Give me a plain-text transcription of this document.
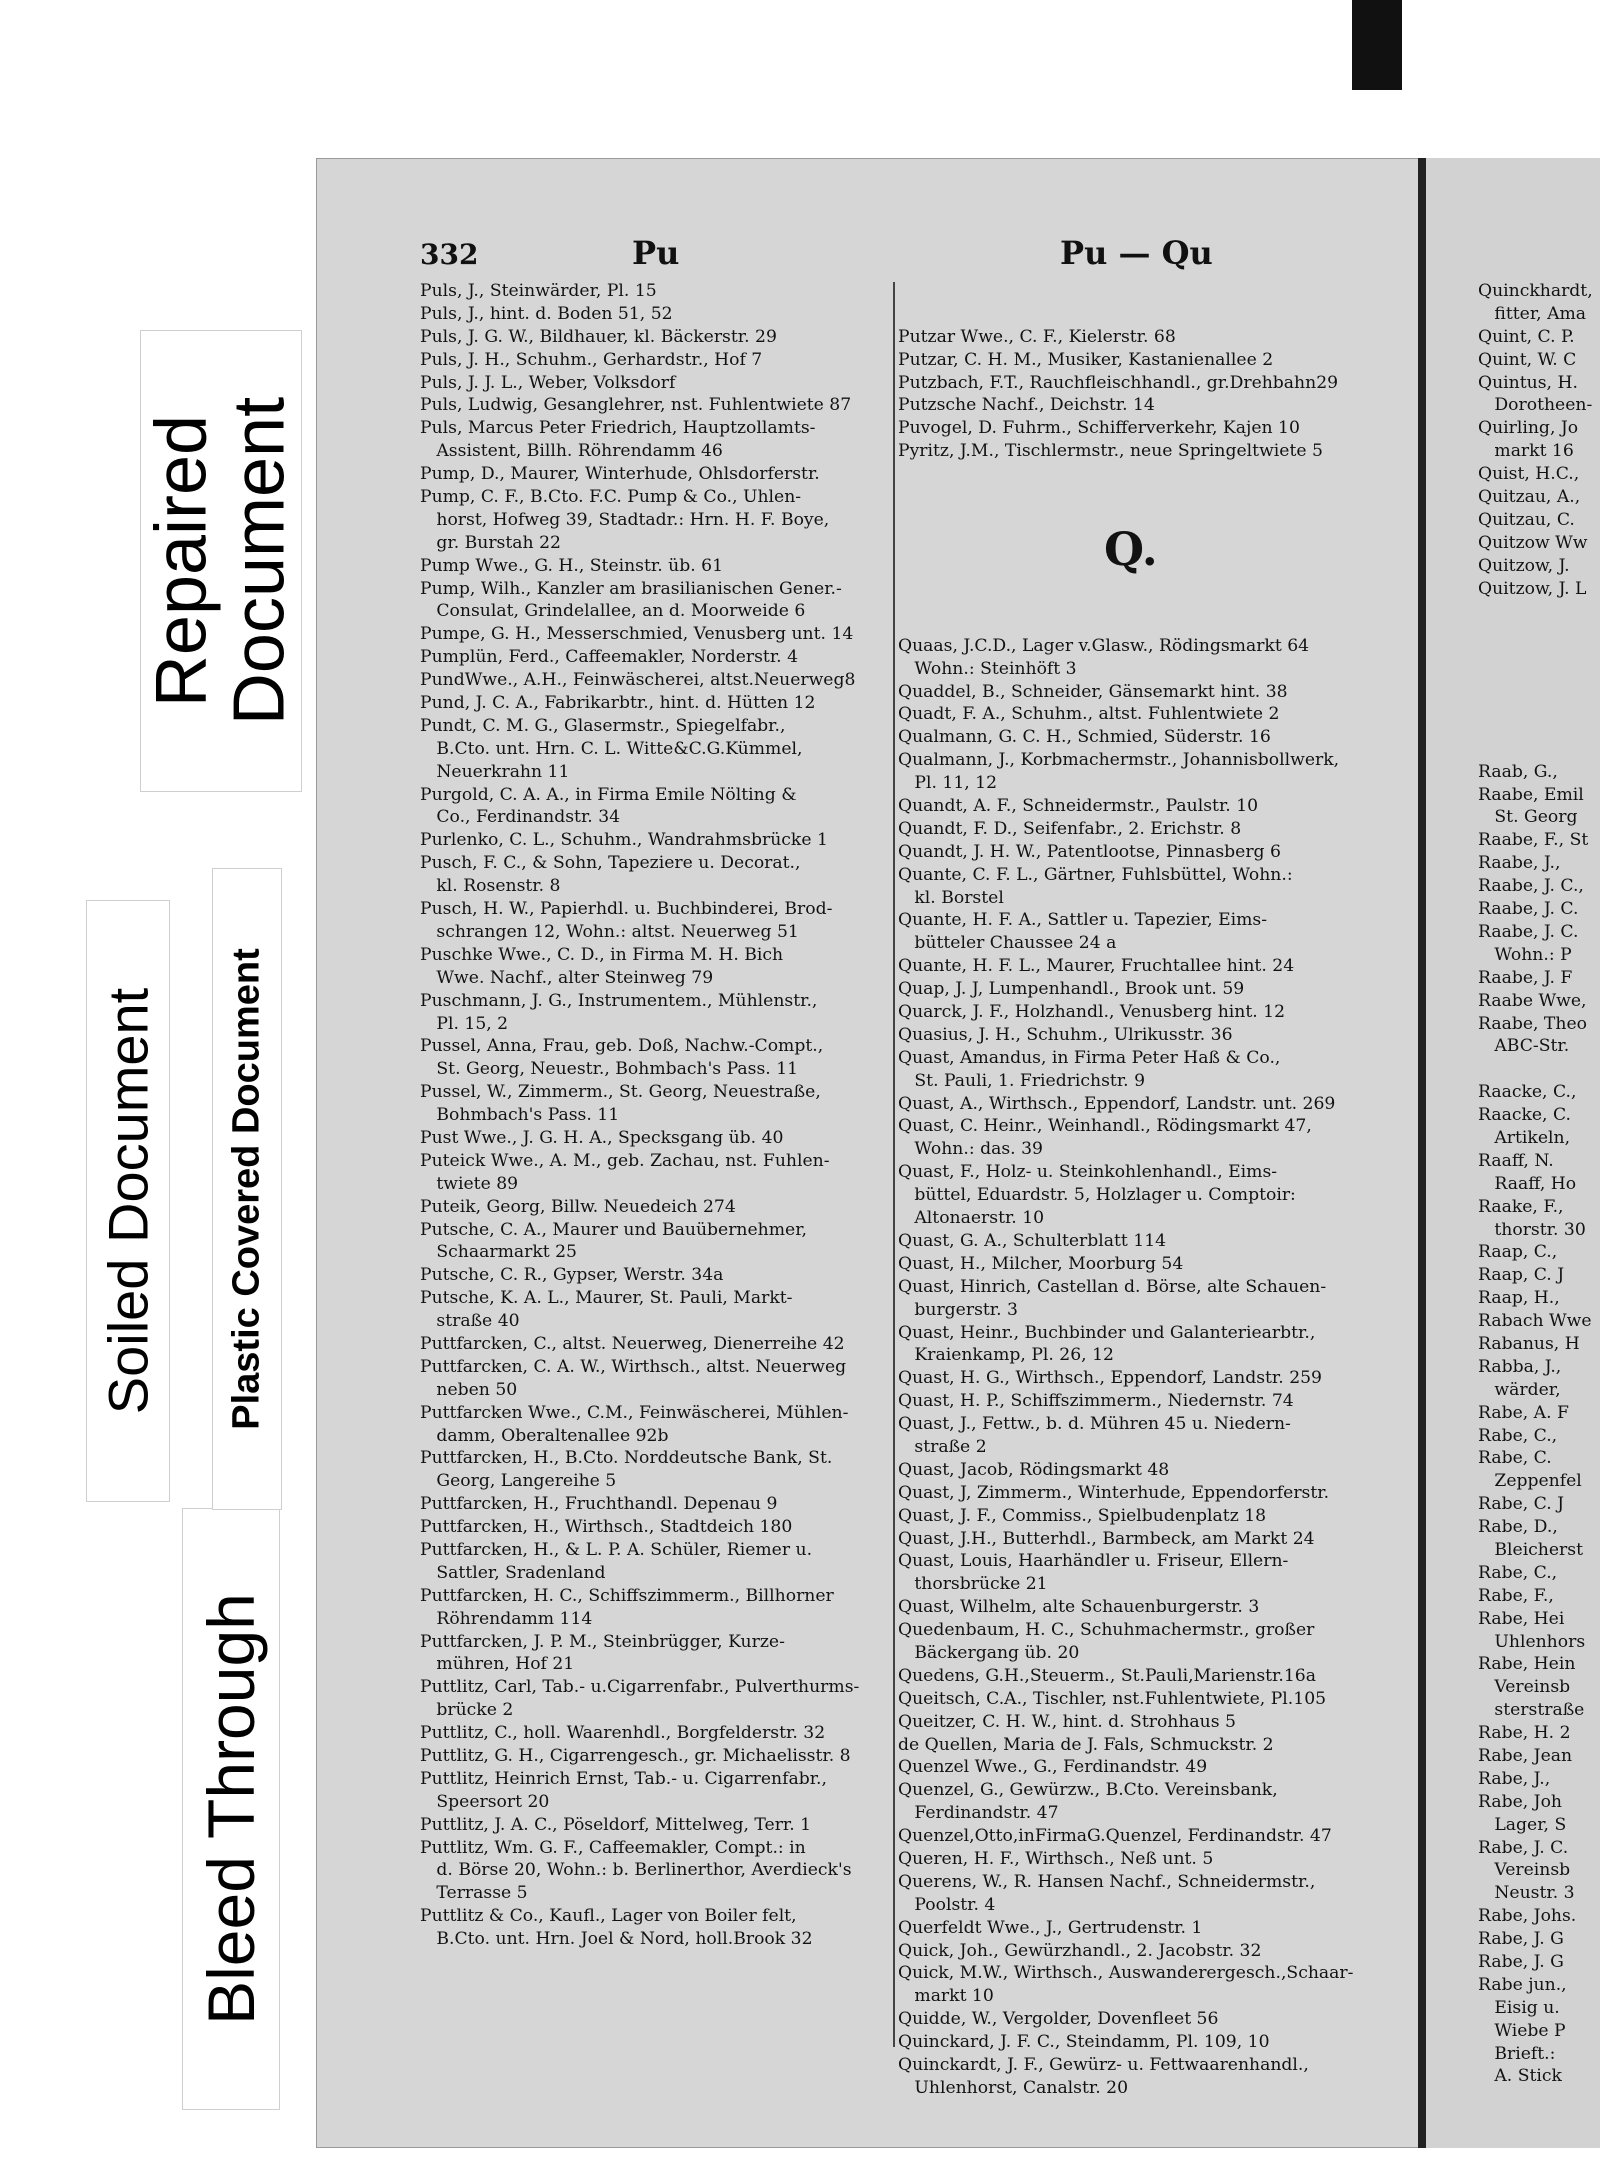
Bleed Through
Soiled Document Plastic Covered Document
Repaired
Document
332	Pu	Pu — Qu
Puls, J., Steinwärder, Pl. 15
Puls, J., hint. d. Boden 51, 52
Puls, J. G. W., Bildhauer, kl. Bäckerstr. 29
Puls, J. H., Schuhm., Gerhardstr., Hof 7
Puls, J. J. L., Weber, Volksdorf
Puls, Ludwig, Gesanglehrer, nst. Fuhlentwiete 87
Puls, Marcus Peter Friedrich, Hauptzollamts-
Assistent, Billh. Röhrendamm 46
Pump, D., Maurer, Winterhude, Ohlsdorferstr.
Pump, C. F., B.Cto. F.C. Pump & Co., Uhlen-
horst, Hofweg 39, Stadtadr.: Hrn. H. F. Boye,
gr. Burstah 22
Pump Wwe., G. H., Steinstr. üb. 61
Pump, Wilh., Kanzler am brasilianischen Gener.-
Consulat, Grindelallee, an d. Moorweide 6
Pumpe, G. H., Messerschmied, Venusberg unt. 14
Pumplün, Ferd., Caffeemakler, Norderstr. 4
PundWwe., A.H., Feinwäscherei, altst.Neuerweg8
Pund, J. C. A., Fabrikarbtr., hint. d. Hütten 12
Pundt, C. M. G., Glasermstr., Spiegelfabr.,
B.Cto. unt. Hrn. C. L. Witte&C.G.Kümmel,
Neuerkrahn 11
Purgold, C. A. A., in Firma Emile Nölting &
Co., Ferdinandstr. 34
Purlenko, C. L., Schuhm., Wandrahmsbrücke 1
Pusch, F. C., & Sohn, Tapeziere u. Decorat.,
kl. Rosenstr. 8
Pusch, H. W., Papierhdl. u. Buchbinderei, Brod-
schrangen 12, Wohn.: altst. Neuerweg 51
Puschke Wwe., C. D., in Firma M. H. Bich
Wwe. Nachf., alter Steinweg 79
Puschmann, J. G., Instrumentem., Mühlenstr.,
Pl. 15, 2
Pussel, Anna, Frau, geb. Doß, Nachw.-Compt.,
St. Georg, Neuestr., Bohmbach's Pass. 11
Pussel, W., Zimmerm., St. Georg, Neuestraße,
Bohmbach's Pass. 11
Pust Wwe., J. G. H. A., Specksgang üb. 40
Puteick Wwe., A. M., geb. Zachau, nst. Fuhlen-
twiete 89
Puteik, Georg, Billw. Neuedeich 274
Putsche, C. A., Maurer und Bauübernehmer,
Schaarmarkt 25
Putsche, C. R., Gypser, Werstr. 34a
Putsche, K. A. L., Maurer, St. Pauli, Markt-
straße 40
Puttfarcken, C., altst. Neuerweg, Dienerreihe 42
Puttfarcken, C. A. W., Wirthsch., altst. Neuerweg
neben 50
Puttfarcken Wwe., C.M., Feinwäscherei, Mühlen-
damm, Oberaltenallee 92b
Puttfarcken, H., B.Cto. Norddeutsche Bank, St.
Georg, Langereihe 5
Puttfarcken, H., Fruchthandl. Depenau 9
Puttfarcken, H., Wirthsch., Stadtdeich 180
Puttfarcken, H., & L. P. A. Schüler, Riemer u.
Sattler, Sradenland
Puttfarcken, H. C., Schiffszimmerm., Billhorner
Röhrendamm 114
Puttfarcken, J. P. M., Steinbrügger, Kurze-
mühren, Hof 21
Puttlitz, Carl, Tab.- u.Cigarrenfabr., Pulverthurms-
brücke 2
Puttlitz, C., holl. Waarenhdl., Borgfelderstr. 32
Puttlitz, G. H., Cigarrengesch., gr. Michaelisstr. 8
Puttlitz, Heinrich Ernst, Tab.- u. Cigarrenfabr.,
Speersort 20
Puttlitz, J. A. C., Pöseldorf, Mittelweg, Terr. 1
Puttlitz, Wm. G. F., Caffeemakler, Compt.: in
d. Börse 20, Wohn.: b. Berlinerthor, Averdieck's
Terrasse 5
Puttlitz & Co., Kaufl., Lager von Boiler felt,
B.Cto. unt. Hrn. Joel & Nord, holl.Brook 32

Putzar Wwe., C. F., Kielerstr. 68
Putzar, C. H. M., Musiker, Kastanienallee 2
Putzbach, F.T., Rauchfleischhandl., gr.Drehbahn29
Putzsche Nachf., Deichstr. 14
Puvogel, D. Fuhrm., Schifferverkehr, Kajen 10
Pyritz, J.M., Tischlermstr., neue Springeltwiete 5

Q.

Quaas, J.C.D., Lager v.Glasw., Rödingsmarkt 64
Wohn.: Steinhöft 3
Quaddel, B., Schneider, Gänsemarkt hint. 38
Quadt, F. A., Schuhm., altst. Fuhlentwiete 2
Qualmann, G. C. H., Schmied, Süderstr. 16
Qualmann, J., Korbmachermstr., Johannisbollwerk,
Pl. 11, 12
Quandt, A. F., Schneidermstr., Paulstr. 10
Quandt, F. D., Seifenfabr., 2. Erichstr. 8
Quandt, J. H. W., Patentlootse, Pinnasberg 6
Quante, C. F. L., Gärtner, Fuhlsbüttel, Wohn.:
kl. Borstel
Quante, H. F. A., Sattler u. Tapezier, Eims-
bütteler Chaussee 24 a
Quante, H. F. L., Maurer, Fruchtallee hint. 24
Quap, J. J, Lumpenhandl., Brook unt. 59
Quarck, J. F., Holzhandl., Venusberg hint. 12
Quasius, J. H., Schuhm., Ulrikusstr. 36
Quast, Amandus, in Firma Peter Haß & Co.,
St. Pauli, 1. Friedrichstr. 9
Quast, A., Wirthsch., Eppendorf, Landstr. unt. 269
Quast, C. Heinr., Weinhandl., Rödingsmarkt 47,
Wohn.: das. 39
Quast, F., Holz- u. Steinkohlenhandl., Eims-
büttel, Eduardstr. 5, Holzlager u. Comptoir:
Altonaerstr. 10
Quast, G. A., Schulterblatt 114
Quast, H., Milcher, Moorburg 54
Quast, Hinrich, Castellan d. Börse, alte Schauen-
burgerstr. 3
Quast, Heinr., Buchbinder und Galanteriearbtr.,
Kraienkamp, Pl. 26, 12
Quast, H. G., Wirthsch., Eppendorf, Landstr. 259
Quast, H. P., Schiffszimmerm., Niedernstr. 74
Quast, J., Fettw., b. d. Mühren 45 u. Niedern-
straße 2
Quast, Jacob, Rödingsmarkt 48
Quast, J, Zimmerm., Winterhude, Eppendorferstr.
Quast, J. F., Commiss., Spielbudenplatz 18
Quast, J.H., Butterhdl., Barmbeck, am Markt 24
Quast, Louis, Haarhändler u. Friseur, Ellern-
thorsbrücke 21
Quast, Wilhelm, alte Schauenburgerstr. 3
Quedenbaum, H. C., Schuhmachermstr., großer
Bäckergang üb. 20
Quedens, G.H.,Steuerm., St.Pauli,Marienstr.16a
Queitsch, C.A., Tischler, nst.Fuhlentwiete, Pl.105
Queitzer, C. H. W., hint. d. Strohhaus 5
de Quellen, Maria de J. Fals, Schmuckstr. 2
Quenzel Wwe., G., Ferdinandstr. 49
Quenzel, G., Gewürzw., B.Cto. Vereinsbank,
Ferdinandstr. 47
Quenzel,Otto,inFirmaG.Quenzel, Ferdinandstr. 47
Queren, H. F., Wirthsch., Neß unt. 5
Querens, W., R. Hansen Nachf., Schneidermstr.,
Poolstr. 4
Querfeldt Wwe., J., Gertrudenstr. 1
Quick, Joh., Gewürzhandl., 2. Jacobstr. 32
Quick, M.W., Wirthsch., Auswanderergesch.,Schaar-
markt 10
Quidde, W., Vergolder, Dovenfleet 56
Quinckard, J. F. C., Steindamm, Pl. 109, 10
Quinckardt, J. F., Gewürz- u. Fettwaarenhandl.,
Uhlenhorst, Canalstr. 20

Quinckhardt,
fitter, Ama
Quint, C. P.
Quint, W. C
Quintus, H.
Dorotheen-
Quirling, Jo
markt 16
Quist, H.C.,
Quitzau, A.,
Quitzau, C.
Quitzow Ww
Quitzow, J.
Quitzow, J. L
Raab, G.,
Raabe, Emil
St. Georg
Raabe, F., St
Raabe, J.,
Raabe, J. C.,
Raabe, J. C.
Raabe, J. C.
Wohn.: P
Raabe, J. F
Raabe Wwe,
Raabe, Theo
ABC-Str.
Raacke, C.,
Raacke, C.
Artikeln,
Raaff, N.
Raaff, Ho
Raake, F.,
thorstr. 30
Raap, C.,
Raap, C. J
Raap, H.,
Rabach Wwe
Rabanus, H
Rabba, J.,
wärder,
Rabe, A. F
Rabe, C.,
Rabe, C.
Zeppenfel
Rabe, C. J
Rabe, D.,
Bleicherst
Rabe, C.,
Rabe, F.,
Rabe, Hei
Uhlenhors
Rabe, Hein
Vereinsb
sterstraße
Rabe, H. 2
Rabe, Jean
Rabe, J.,
Rabe, Joh
Lager, S
Rabe, J. C.
Vereinsb
Neustr. 3
Rabe, Johs.
Rabe, J. G
Rabe, J. G
Rabe jun.,
Eisig u.
Wiebe P
Brieft.:
A. Stick
